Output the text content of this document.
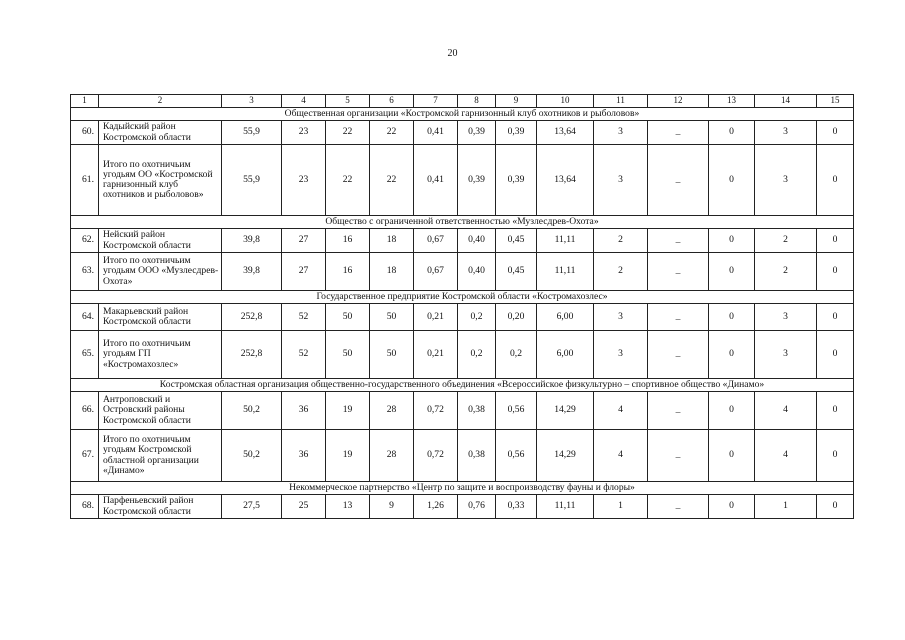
20
1	2	3	4	5	6	7	8	9	10	11	12	13	14	15
Общественная организации «Костромской гарнизонный клуб охотников и рыболовов»														
60.	Кадыйский район Костромской области	55,9	23	22	22	0,41	0,39	0,39	13,64	3	_	0	3	0
61.	Итого по охотничьим угодьям ОО «Костромской гарнизонный клуб охотников и рыболовов»	55,9	23	22	22	0,41	0,39	0,39	13,64	3	_	0	3	0
Общество с ограниченной ответственностью «Музлесдрев-Охота»														
62.	Нейский район Костромской области	39,8	27	16	18	0,67	0,40	0,45	11,11	2	_	0	2	0
63.	Итого по охотничьим угодьям ООО «Музлесдрев-Охота»	39,8	27	16	18	0,67	0,40	0,45	11,11	2	_	0	2	0
Государственное предприятие Костромской области «Костромахозлес»														
64.	Макарьевский район Костромской области	252,8	52	50	50	0,21	0,2	0,20	6,00	3	_	0	3	0
65.	Итого по охотничьим угодьям ГП «Костромахозлес»	252,8	52	50	50	0,21	0,2	0,2	6,00	3	_	0	3	0
Костромская областная организация общественно-государственного объединения «Всероссийское физкультурно – спортивное общество «Динамо»														
66.	Антроповский и Островский районы Костромской области	50,2	36	19	28	0,72	0,38	0,56	14,29	4	_	0	4	0
67.	Итого по охотничьим угодьям Костромской областной организации «Динамо»	50,2	36	19	28	0,72	0,38	0,56	14,29	4	_	0	4	0
Некоммерческое партнерство «Центр по защите и воспроизводству фауны и флоры»														
68.	Парфеньевский район Костромской области	27,5	25	13	9	1,26	0,76	0,33	11,11	1	_	0	1	0
